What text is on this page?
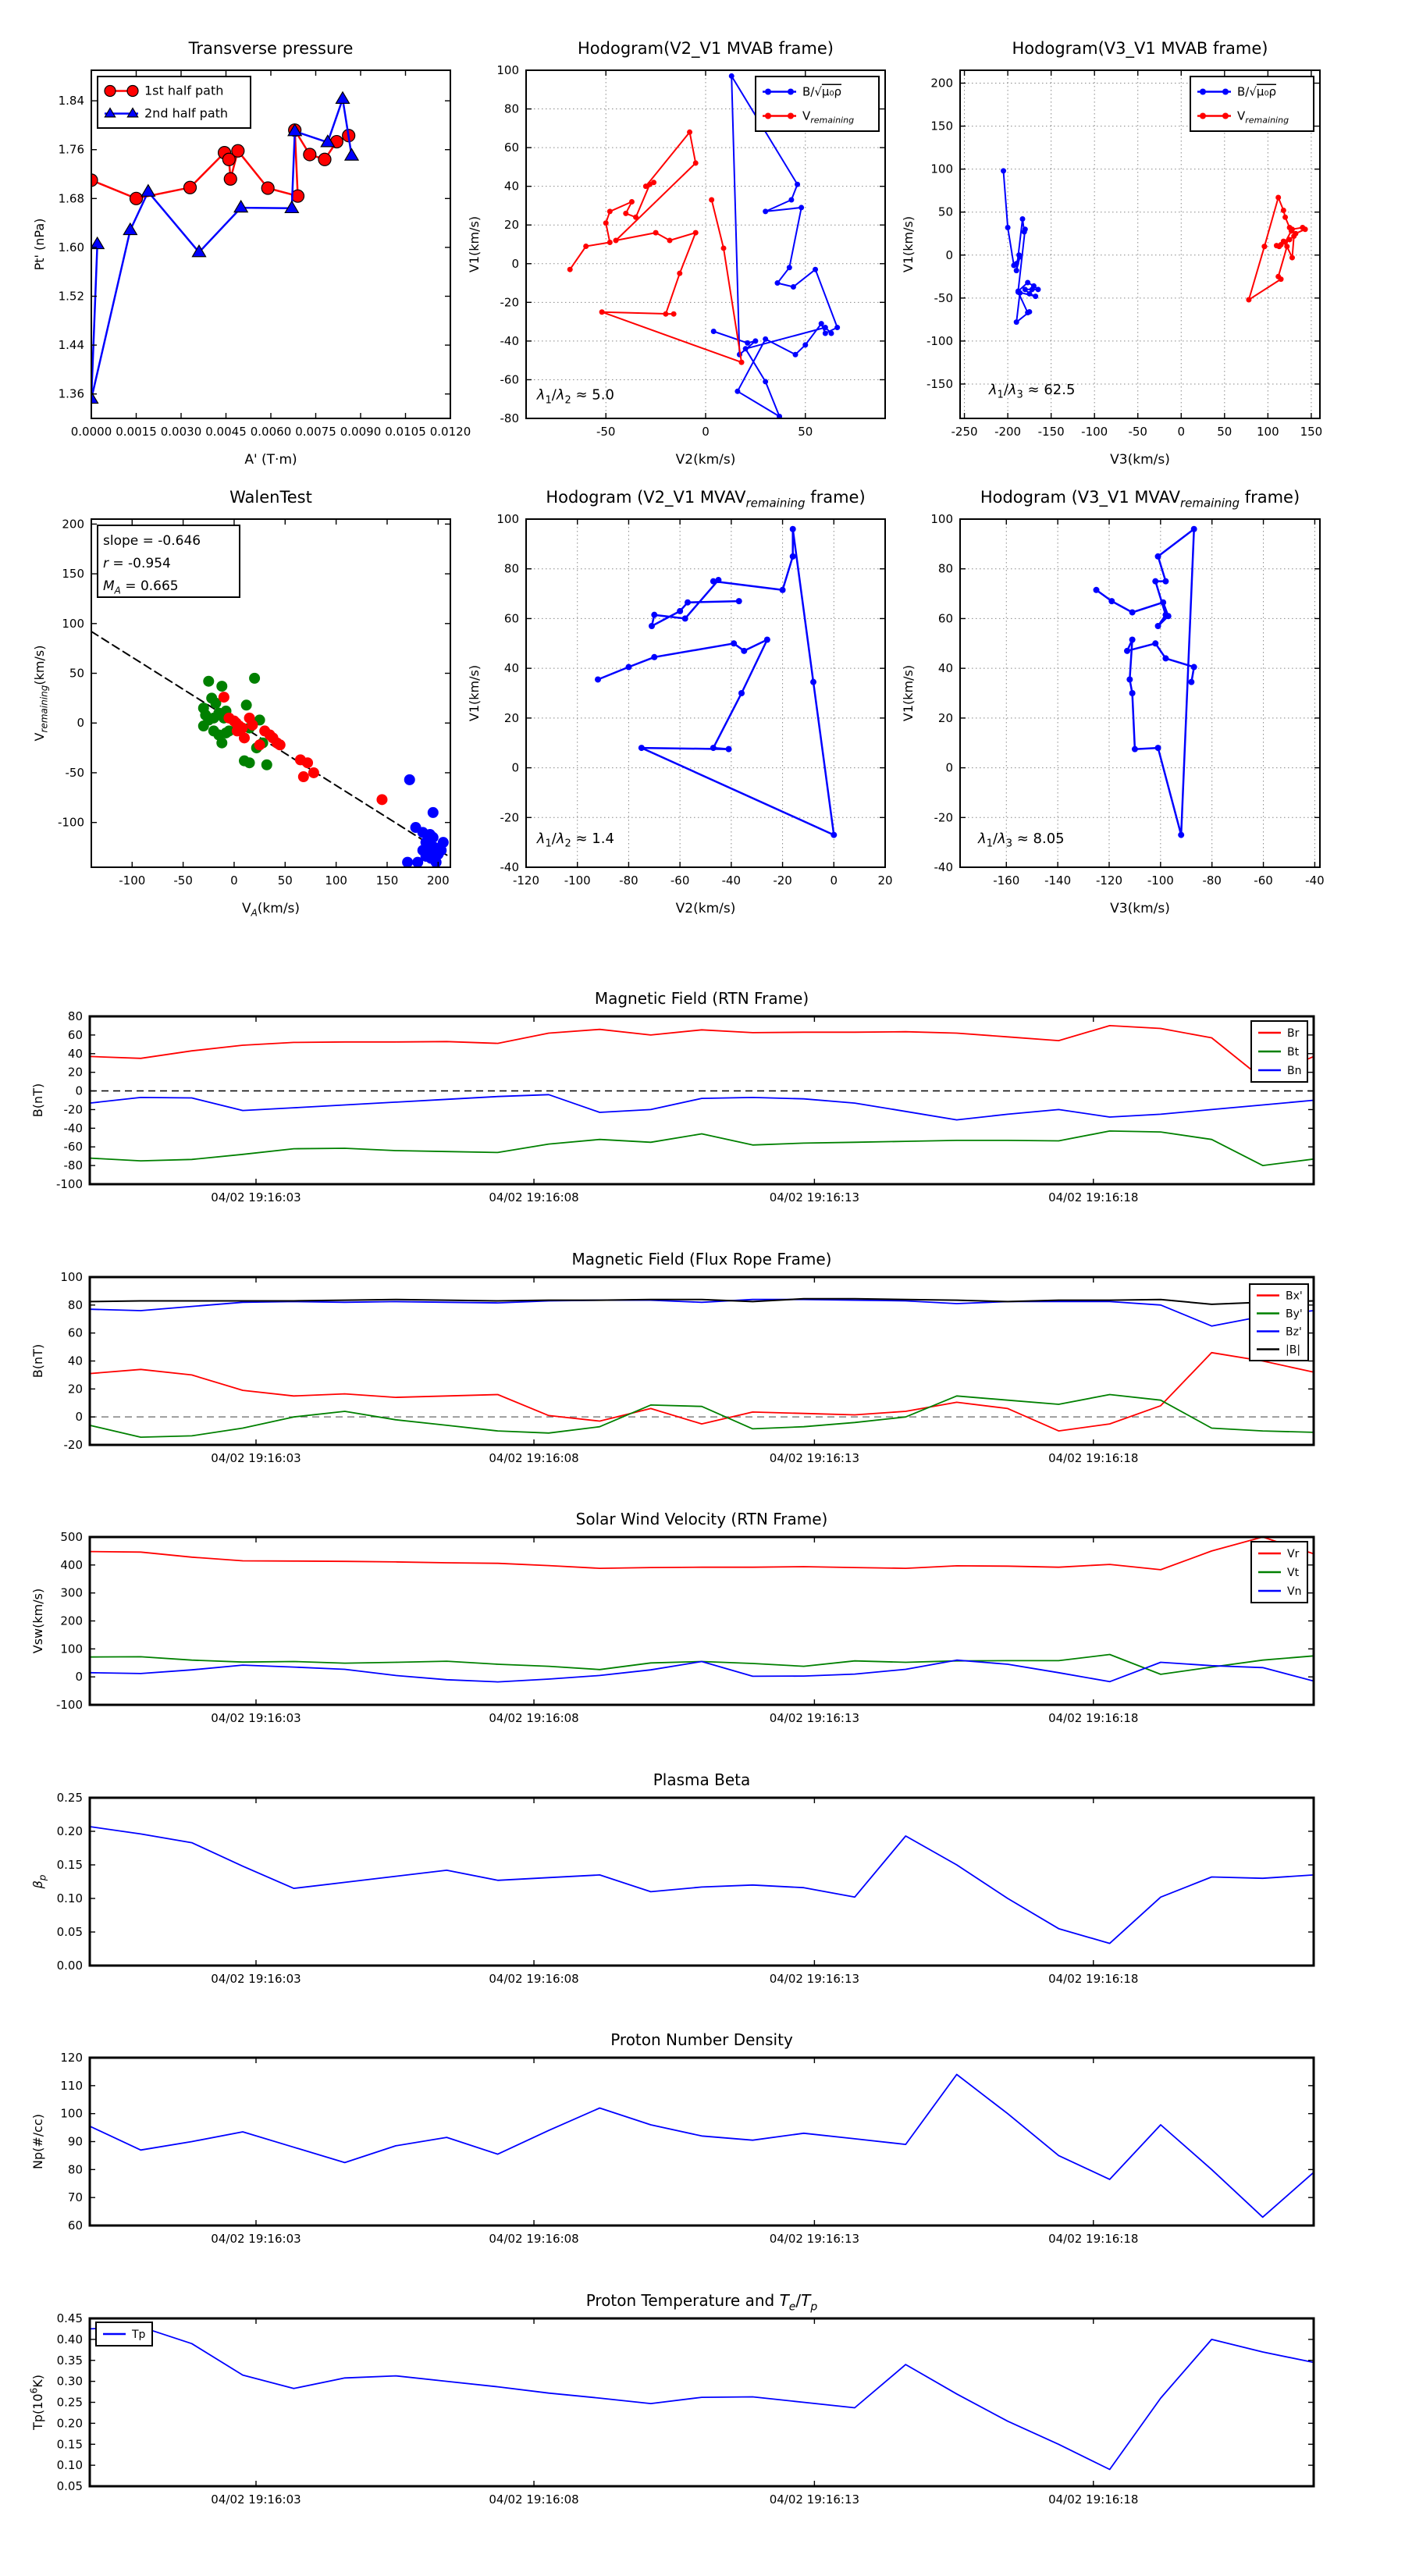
0.0000 0.0015 0.0030 0.0045 0.0060 0.0075 0.0090 0.0105 0.0120
1.36
1.44
1.52
1.60
1.68
1.76
1.84
Transverse pressure
A' (T·m)
Pt' (nPa)
1st half path
2nd half path
-50	0	50
100
80
60
40
20
0
-20
-40
-60
-80
Hodogram(V2_V1 MVAB frame)
V2(km/s)
V1(km/s)
$\lambda_1/\lambda_2 \approx 5.0$
B/√μ₀ρ
$V_{remaining}$
-250 -200 -150 -100 -50	0	50 100 150
200
150
100
50
0
-50
-100
-150
Hodogram(V3_V1 MVAB frame)
V3(km/s)
V1(km/s)
$\lambda_1/\lambda_3 \approx 62.5$
B/√μ₀ρ
$V_{remaining}$
-100 -50	0	50	100 150 200
200
150
100
50
0
-50
-100
WalenTest
$V_A(km/s)$
$V_{remaining}(km/s)$
slope = -0.646
r = -0.954
$M_A = 0.665$
-120 -100 -80	-60	-40	-20	0	20
100
80
60
40
20
0
-20
-40
Hodogram (V2_V1 $MVAV_{remaining}$ frame)
V2(km/s)
V1(km/s)
$\lambda_1/\lambda_2 \approx 1.4$
-160 -140 -120 -100 -80	-60	-40
100
80
60
40
20
0
-20
-40
Hodogram (V3_V1 $MVAV_{remaining}$ frame)
V3(km/s)
V1(km/s)
$\lambda_1/\lambda_3 \approx 8.05$
04/02 19:16:03	04/02 19:16:08	04/02 19:16:13	04/02 19:16:18
80
60
40
20
0
-20
-40
-60
-80
-100
Magnetic Field (RTN Frame)
B(nT)
Br
Bt
Bn
04/02 19:16:03	04/02 19:16:08	04/02 19:16:13	04/02 19:16:18
100
80
60
40
20
0
-20
Magnetic Field (Flux Rope Frame)
B(nT)
Bx'
By'
Bz'
|B|
04/02 19:16:03	04/02 19:16:08	04/02 19:16:13	04/02 19:16:18
500
400
300
200
100
0
-100
Solar Wind Velocity (RTN Frame)
Vsw(km/s)
Vr
Vt
Vn
04/02 19:16:03	04/02 19:16:08	04/02 19:16:13	04/02 19:16:18
0.25
0.20
0.15
0.10
0.05
0.00
Plasma Beta
$\beta_p$
04/02 19:16:03	04/02 19:16:08	04/02 19:16:13	04/02 19:16:18
120
110
100
90
80
70
60
Proton Number Density
Np(#/cc)
04/02 19:16:03	04/02 19:16:08	04/02 19:16:13	04/02 19:16:18
0.45
0.40
0.35
0.30
0.25
0.20
0.15
0.10
0.05
Proton Temperature and $T_e/T_p$
$Tp(10^6K)$
Tp
